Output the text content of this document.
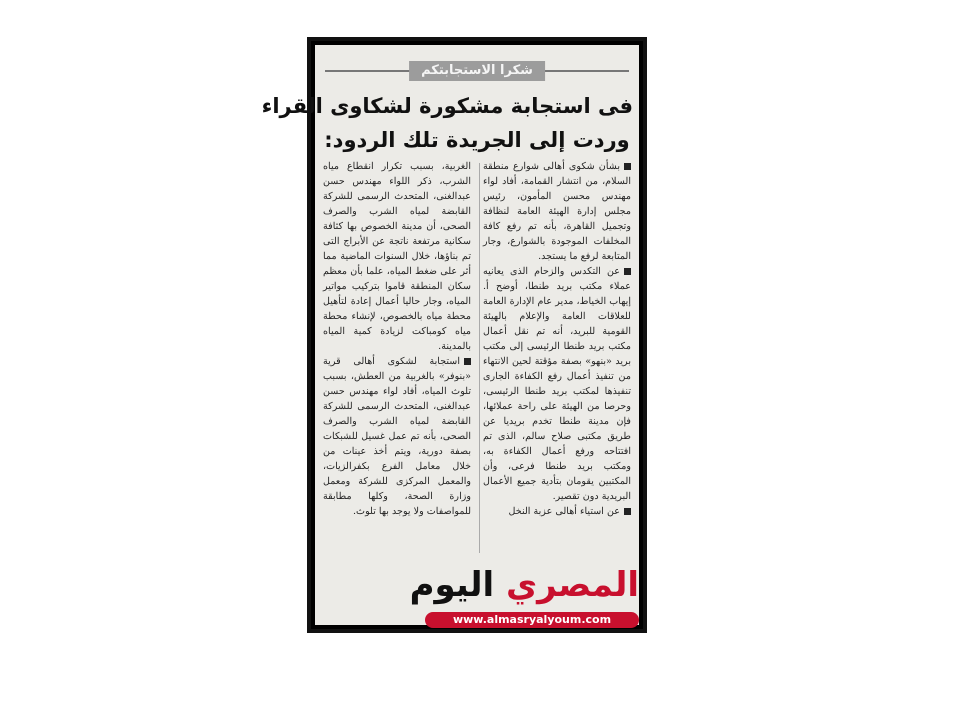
شكرا الاستجابتكم
فى استجابة مشكورة لشكاوى القراء
وردت إلى الجريدة تلك الردود:

بشأن شكوى أهالى شوارع منطقة السلام، من انتشار القمامة، أفاد لواء مهندس محسن المأمون، رئيس مجلس إدارة الهيئة العامة لنظافة وتجميل القاهرة، بأنه تم رفع كافة المخلفات الموجودة بالشوارع، وجار المتابعة لرفع ما يستجد.

عن التكدس والزحام الذى يعانيه عملاء مكتب بريد طنطا، أوضح أ. إيهاب الخياط، مدير عام الإدارة العامة للعلاقات العامة والإعلام بالهيئة القومية للبريد، أنه تم نقل أعمال مكتب بريد طنطا الرئيسى إلى مكتب بريد «بنهو» بصفة مؤقتة لحين الانتهاء من تنفيذ أعمال رفع الكفاءة الجارى تنفيذها لمكتب بريد طنطا الرئيسى، وحرصا من الهيئة على راحة عملائها، فإن مدينة طنطا تخدم بريديا عن طريق مكتبى صلاح سالم، الذى تم افتتاحه ورفع أعمال الكفاءة به، ومكتب بريد طنطا فرعى، وأن المكتبين يقومان بتأدية جميع الأعمال البريدية دون تقصير.

عن استياء أهالى عزبة النخل

الغربية، بسبب تكرار انقطاع مياه الشرب، ذكر اللواء مهندس حسن عبدالغنى، المتحدث الرسمى للشركة القابضة لمياه الشرب والصرف الصحى، أن مدينة الخصوص بها كثافة سكانية مرتفعة ناتجة عن الأبراج التى تم بناؤها، خلال السنوات الماضية مما أثر على ضغط المياه، علما بأن معظم سكان المنطقة قاموا بتركيب مواتير المياه، وجار حاليا أعمال إعادة لتأهيل محطة مياه بالخصوص، لإنشاء محطة مياه كومباكت لزيادة كمية المياه بالمدينة.

استجابة لشكوى أهالى قرية «بنوفر» بالغربية من العطش، بسبب تلوث المياه، أفاد لواء مهندس حسن عبدالغنى، المتحدث الرسمى للشركة القابضة لمياه الشرب والصرف الصحى، بأنه تم عمل غسيل للشبكات بصفة دورية، ويتم أخذ عينات من خلال معامل الفرع بكفرالزيات، والمعمل المركزى للشركة ومعمل وزارة الصحة، وكلها مطابقة للمواصفات ولا يوجد بها تلوث.

المصري اليوم
www.almasryalyoum.com
